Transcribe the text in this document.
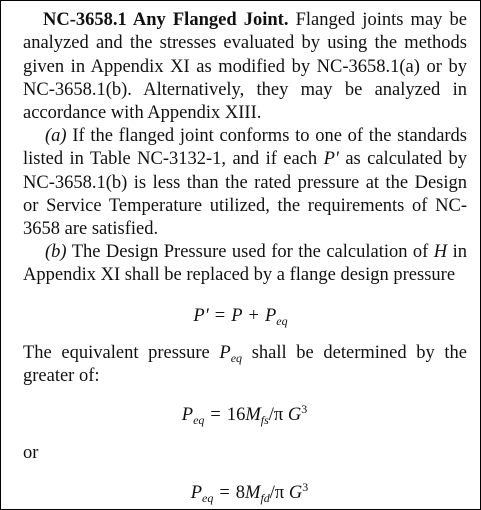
NC-3658.1 Any Flanged Joint. Flanged joints may be analyzed and the stresses evaluated by using the methods given in Appendix XI as modified by NC-3658.1(a) or by NC-3658.1(b). Alternatively, they may be analyzed in accordance with Appendix XIII.

(a) If the flanged joint conforms to one of the standards listed in Table NC-3132-1, and if each P′ as calculated by NC-3658.1(b) is less than the rated pressure at the Design or Service Temperature utilized, the requirements of NC-3658 are satisfied.

(b) The Design Pressure used for the calculation of H in Appendix XI shall be replaced by a flange design pressure

$P' = P + P_{eq}$

The equivalent pressure $P_{eq}$ shall be determined by the greater of:

$P_{eq} = 16M_{fs}/\pi$ $G^3$

or

$P_{eq} = 8M_{fd}/\pi$ $G^3$
